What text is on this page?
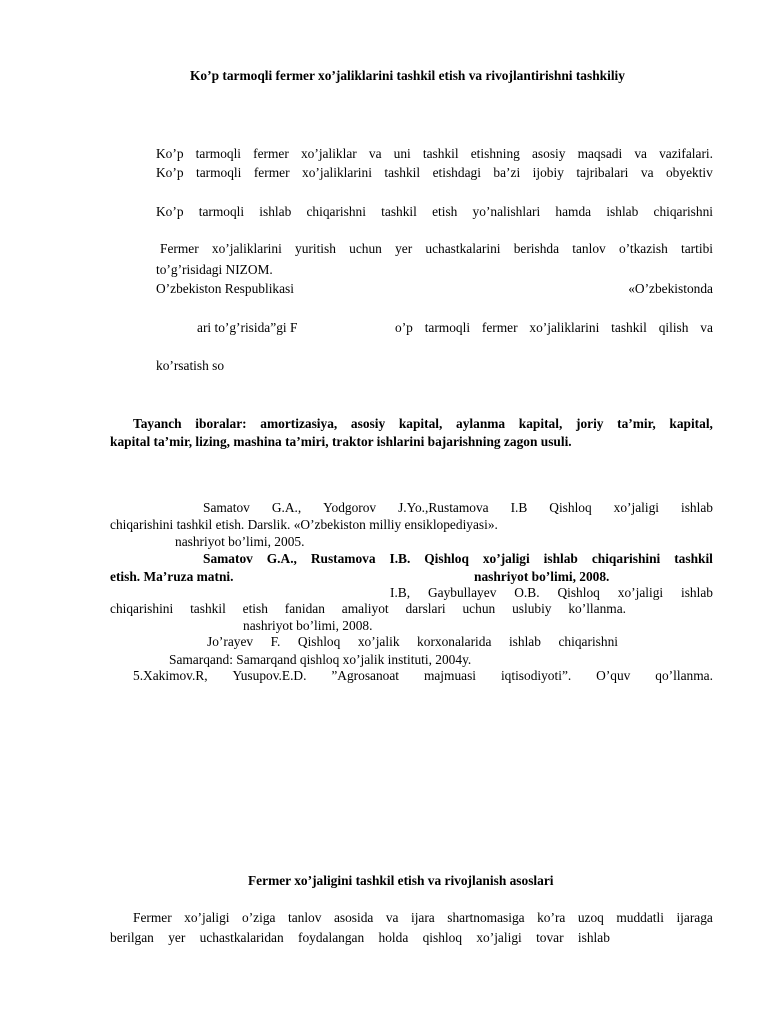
Ko’p tarmoqli fermer xo’jaliklarini tashkil etish va rivojlantirishni tashkiliy
Ko’p tarmoqli fermer xo’jaliklar va uni tashkil etishning asosiy maqsadi va vazifalari.
Ko’p tarmoqli fermer xo’jaliklarini tashkil etishdagi ba’zi ijobiy tajribalari va obyektiv
Ko’p tarmoqli ishlab chiqarishni tashkil etish yo’nalishlari hamda ishlab chiqarishni
Fermer xo’jaliklarini yuritish uchun yer uchastkalarini berishda tanlov o’tkazish tartibi
to’g’risidagi NIZOM.
O’zbekiston Respublikasi	«O’zbekistonda
ari to’g’risida”gi F	o’p tarmoqli fermer xo’jaliklarini tashkil qilish va
ko’rsatish so
Tayanch iboralar: amortizasiya, asosiy kapital, aylanma kapital, joriy ta’mir, kapital,
kapital ta’mir, lizing, mashina ta’miri, traktor ishlarini bajarishning zagon usuli.
Samatov G.A., Yodgorov J.Yo.,Rustamova I.B Qishloq xo’jaligi ishlab
chiqarishini tashkil etish. Darslik. «O’zbekiston milliy ensiklopediyasi».
nashriyot bo’limi, 2005.
Samatov G.A., Rustamova I.B. Qishloq xo’jaligi ishlab chiqarishini tashkil
etish. Ma’ruza matni.	nashriyot bo’limi, 2008.
I.B, Gaybullayev O.B. Qishloq xo’jaligi ishlab
chiqarishini tashkil etish fanidan amaliyot darslari uchun uslubiy ko’llanma.
nashriyot bo’limi, 2008.
Jo’rayev F. Qishloq xo’jalik korxonalarida ishlab chiqarishni
Samarqand: Samarqand qishloq xo’jalik instituti, 2004y.
5.Xakimov.R, Yusupov.E.D. ”Agrosanoat majmuasi iqtisodiyoti”. O’quv qo’llanma.
Fermer xo’jaligini tashkil etish va rivojlanish asoslari
Fermer xo’jaligi o’ziga tanlov asosida va ijara shartnomasiga ko’ra uzoq muddatli ijaraga
berilgan yer uchastkalaridan foydalangan holda qishloq xo’jaligi tovar ishlab
